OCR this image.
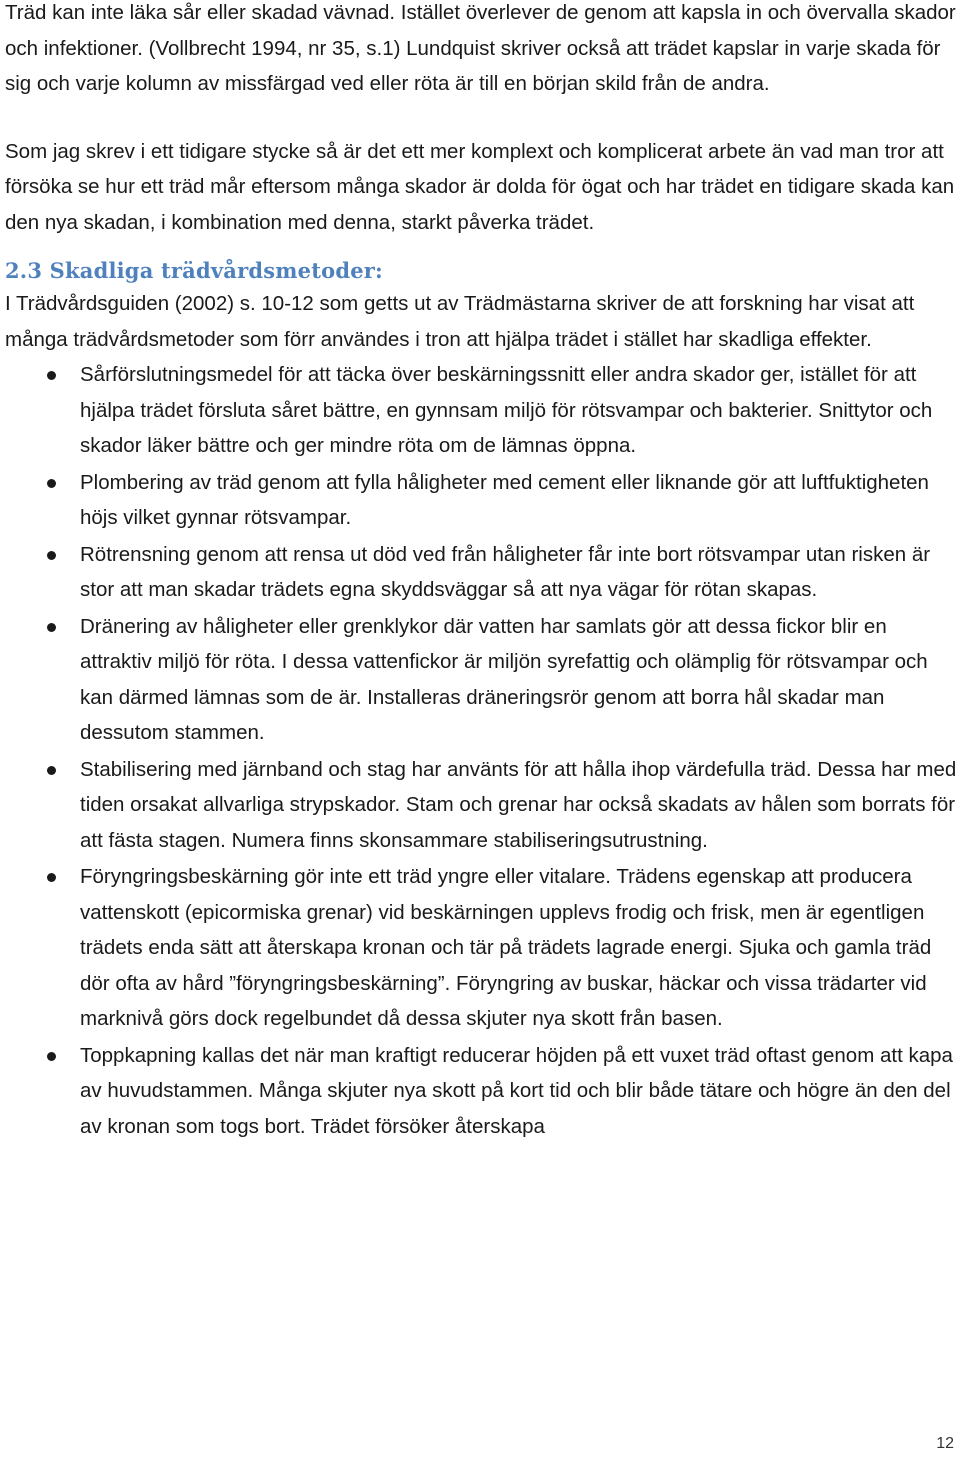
Träd kan inte läka sår eller skadad vävnad. Istället överlever de genom att kapsla in och övervalla skador och infektioner. (Vollbrecht 1994, nr 35, s.1) Lundquist skriver också att trädet kapslar in varje skada för sig och varje kolumn av missfärgad ved eller röta är till en början skild från de andra.

Som jag skrev i ett tidigare stycke så är det ett mer komplext och komplicerat arbete än vad man tror att försöka se hur ett träd mår eftersom många skador är dolda för ögat och har trädet en tidigare skada kan den nya skadan, i kombination med denna, starkt påverka trädet.

2.3 Skadliga trädvårdsmetoder:

I Trädvårdsguiden (2002) s. 10-12 som getts ut av Trädmästarna skriver de att forskning har visat att många trädvårdsmetoder som förr användes i tron att hjälpa trädet i stället har skadliga effekter.

Sårförslutningsmedel för att täcka över beskärningssnitt eller andra skador ger, istället för att hjälpa trädet försluta såret bättre, en gynnsam miljö för rötsvampar och bakterier. Snittytor och skador läker bättre och ger mindre röta om de lämnas öppna.
Plombering av träd genom att fylla håligheter med cement eller liknande gör att luftfuktigheten höjs vilket gynnar rötsvampar.
Rötrensning genom att rensa ut död ved från håligheter får inte bort rötsvampar utan risken är stor att man skadar trädets egna skyddsväggar så att nya vägar för rötan skapas.
Dränering av håligheter eller grenklykor där vatten har samlats gör att dessa fickor blir en attraktiv miljö för röta. I dessa vattenfickor är miljön syrefattig och olämplig för rötsvampar och kan därmed lämnas som de är. Installeras dräneringsrör genom att borra hål skadar man dessutom stammen.
Stabilisering med järnband och stag har använts för att hålla ihop värdefulla träd. Dessa har med tiden orsakat allvarliga strypskador. Stam och grenar har också skadats av hålen som borrats för att fästa stagen. Numera finns skonsammare stabiliseringsutrustning.
Föryngringsbeskärning gör inte ett träd yngre eller vitalare. Trädens egenskap att producera vattenskott (epicormiska grenar) vid beskärningen upplevs frodig och frisk, men är egentligen trädets enda sätt att återskapa kronan och tär på trädets lagrade energi. Sjuka och gamla träd dör ofta av hård ”föryngringsbeskärning”. Föryngring av buskar, häckar och vissa trädarter vid marknivå görs dock regelbundet då dessa skjuter nya skott från basen.
Toppkapning kallas det när man kraftigt reducerar höjden på ett vuxet träd oftast genom att kapa av huvudstammen. Många skjuter nya skott på kort tid och blir både tätare och högre än den del av kronan som togs bort. Trädet försöker återskapa
12
